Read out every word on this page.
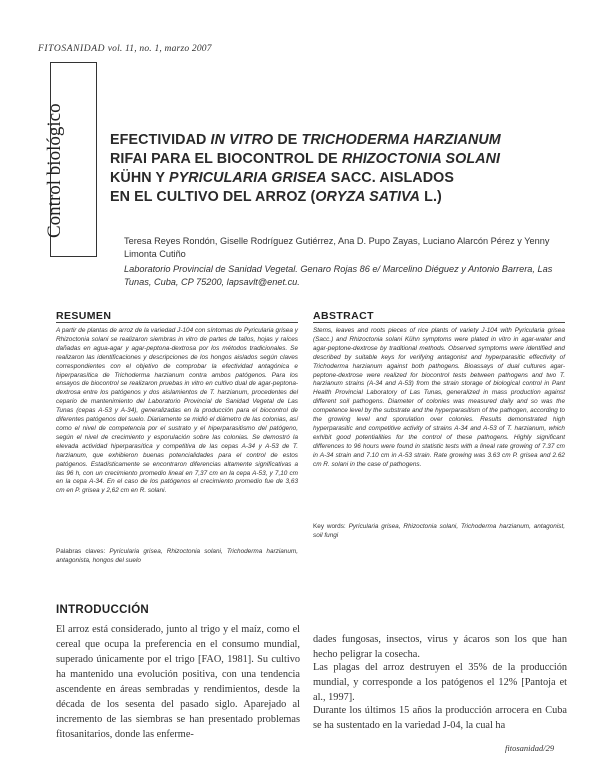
FITOSANIDAD vol. 11, no. 1, marzo 2007
Control biológico	EFECTIVIDAD IN VITRO DE TRICHODERMA HARZIANUM
RIFAI PARA EL BIOCONTROL DE RHIZOCTONIA SOLANI
KÜHN Y PYRICULARIA GRISEA SACC. AISLADOS
EN EL CULTIVO DEL ARROZ (ORYZA SATIVA L.)
Teresa Reyes Rondón, Giselle Rodríguez Gutiérrez, Ana D. Pupo Zayas, Luciano Alarcón Pérez y Yenny Limonta Cutiño
Laboratorio Provincial de Sanidad Vegetal. Genaro Rojas 86 e/ Marcelino Diéguez y Antonio Barrera, Las Tunas, Cuba, CP 75200, lapsavlt@enet.cu.
RESUMEN

A partir de plantas de arroz de la variedad J-104 con síntomas de Pyricularia grisea y Rhizoctonia solani se realizaron siembras in vitro de partes de tallos, hojas y raíces dañadas en agua-agar y agar-peptona-dextrosa por los métodos tradicionales. Se realizaron las identificaciones y descripciones de los hongos aislados según claves correspondientes con el objetivo de comprobar la efectividad antagónica e hiperparasítica de Trichoderma harzianum contra ambos patógenos. Para los ensayos de biocontrol se realizaron pruebas in vitro en cultivo dual de agar-peptona-dextrosa entre los patógenos y dos aislamientos de T. harzianum, procedentes del cepario de mantenimiento del Laboratorio Provincial de Sanidad Vegetal de Las Tunas (cepas A-53 y A-34), generalizadas en la producción para el biocontrol de diferentes patógenos del suelo. Diariamente se midió el diámetro de las colonias, así como el nivel de competencia por el sustrato y el hiperparasitismo del patógeno, según el nivel de crecimiento y esporulación sobre las colonias. Se demostró la elevada actividad hiperparasítica y competitiva de las cepas A-34 y A-53 de T. harzianum, que exhibieron buenas potencialidades para el control de estos patógenos. Estadísticamente se encontraron diferencias altamente significativas a las 96 h, con un crecimiento promedio lineal en 7,37 cm en la cepa A-53, y 7,10 cm en la cepa A-34. En el caso de los patógenos el crecimiento promedio fue de 3,63 cm en P. grisea y 2,62 cm en R. solani.

Palabras claves: Pyricularia grisea, Rhizoctonia solani, Trichoderma harzianum, antagonista, hongos del suelo

ABSTRACT

Stems, leaves and roots pieces of rice plants of variety J-104 with Pyricularia grisea (Sacc.) and Rhizoctonia solani Kühn symptoms were plated in vitro in agar-water and agar-peptone-dextrose by traditional methods. Observed symptoms were identified and described by suitable keys for verifying antagonist and hyperparasitic effectivity of Trichoderma harzianum against both pathogens. Bioassays of dual cultures agar-peptone-dextrose were realized for biocontrol tests between pathogens and two T. harzianum strains (A-34 and A-53) from the strain storage of biological control in Pant Health Provincial Laboratory of Las Tunas, generalized in mass production against different soil pathogens. Diameter of colonies was measured daily and so was the competence level by the substrate and the hyperparasitism of the pathogen, according to the growing level and sporulation over colonies. Results demonstrated high hyperparasitic and competitive activity of strains A-34 and A-53 of T. harzianum, which exhibit good potentialities for the control of these pathogens. Highly significant differences to 96 hours were found in statistic tests with a lineal rate growing of 7.37 cm in A-34 strain and 7.10 cm in A-53 strain. Rate growing was 3.63 cm P. grisea and 2.62 cm R. solani in the case of pathogens.

Key words: Pyricularia grisea, Rhizoctonia solani, Trichoderma harzianum, antagonist, soil fungi

INTRODUCCIÓN

El arroz está considerado, junto al trigo y el maíz, como el cereal que ocupa la preferencia en el consumo mundial, superado únicamente por el trigo [FAO, 1981]. Su cultivo ha mantenido una evolución positiva, con una tendencia ascendente en áreas sembradas y rendimientos, desde la década de los sesenta del pasado siglo. Aparejado al incremento de las siembras se han presentado problemas fitosanitarios, donde las enferme-

dades fungosas, insectos, virus y ácaros son los que han hecho peligrar la cosecha.

Las plagas del arroz destruyen el 35% de la producción mundial, y corresponde a los patógenos el 12% [Pantoja et al., 1997].

Durante los últimos 15 años la producción arrocera en Cuba se ha sustentado en la variedad J-04, la cual ha

fitosanidad/29
